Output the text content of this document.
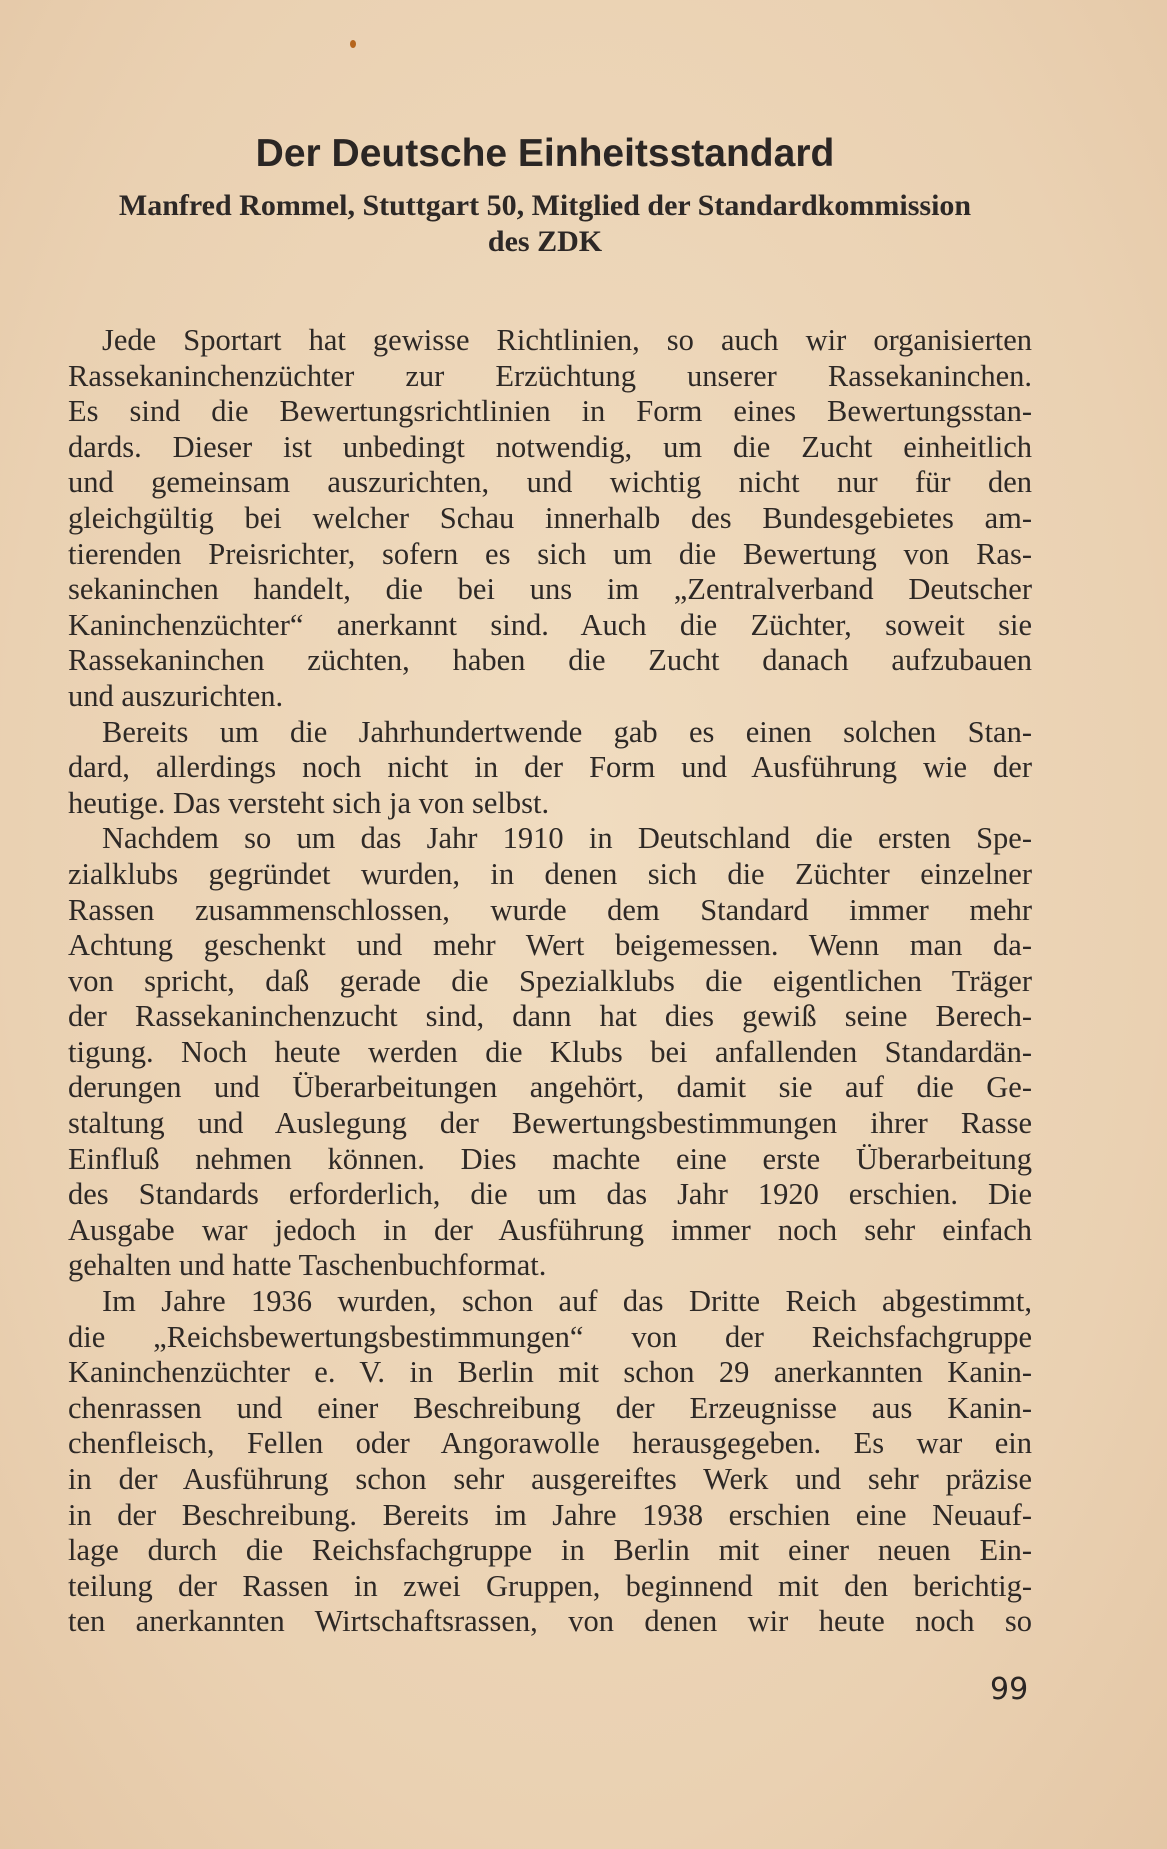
Der Deutsche Einheitsstandard
Manfred Rommel, Stuttgart 50, Mitglied der Standardkommission
des ZDK
Jede Sportart hat gewisse Richtlinien, so auch wir organisierten
Rassekaninchenzüchter zur Erzüchtung unserer Rassekaninchen.
Es sind die Bewertungsrichtlinien in Form eines Bewertungsstan-
dards. Dieser ist unbedingt notwendig, um die Zucht einheitlich
und gemeinsam auszurichten, und wichtig nicht nur für den
gleichgültig bei welcher Schau innerhalb des Bundesgebietes am-
tierenden Preisrichter, sofern es sich um die Bewertung von Ras-
sekaninchen handelt, die bei uns im „Zentralverband Deutscher
Kaninchenzüchter“ anerkannt sind. Auch die Züchter, soweit sie
Rassekaninchen züchten, haben die Zucht danach aufzubauen
und auszurichten.
Bereits um die Jahrhundertwende gab es einen solchen Stan-
dard, allerdings noch nicht in der Form und Ausführung wie der
heutige. Das versteht sich ja von selbst.
Nachdem so um das Jahr 1910 in Deutschland die ersten Spe-
zialklubs gegründet wurden, in denen sich die Züchter einzelner
Rassen zusammenschlossen, wurde dem Standard immer mehr
Achtung geschenkt und mehr Wert beigemessen. Wenn man da-
von spricht, daß gerade die Spezialklubs die eigentlichen Träger
der Rassekaninchenzucht sind, dann hat dies gewiß seine Berech-
tigung. Noch heute werden die Klubs bei anfallenden Standardän-
derungen und Überarbeitungen angehört, damit sie auf die Ge-
staltung und Auslegung der Bewertungsbestimmungen ihrer Rasse
Einfluß nehmen können. Dies machte eine erste Überarbeitung
des Standards erforderlich, die um das Jahr 1920 erschien. Die
Ausgabe war jedoch in der Ausführung immer noch sehr einfach
gehalten und hatte Taschenbuchformat.
Im Jahre 1936 wurden, schon auf das Dritte Reich abgestimmt,
die „Reichsbewertungsbestimmungen“ von der Reichsfachgruppe
Kaninchenzüchter e. V. in Berlin mit schon 29 anerkannten Kanin-
chenrassen und einer Beschreibung der Erzeugnisse aus Kanin-
chenfleisch, Fellen oder Angorawolle herausgegeben. Es war ein
in der Ausführung schon sehr ausgereiftes Werk und sehr präzise
in der Beschreibung. Bereits im Jahre 1938 erschien eine Neuauf-
lage durch die Reichsfachgruppe in Berlin mit einer neuen Ein-
teilung der Rassen in zwei Gruppen, beginnend mit den berichtig-
ten anerkannten Wirtschaftsrassen, von denen wir heute noch so
99
